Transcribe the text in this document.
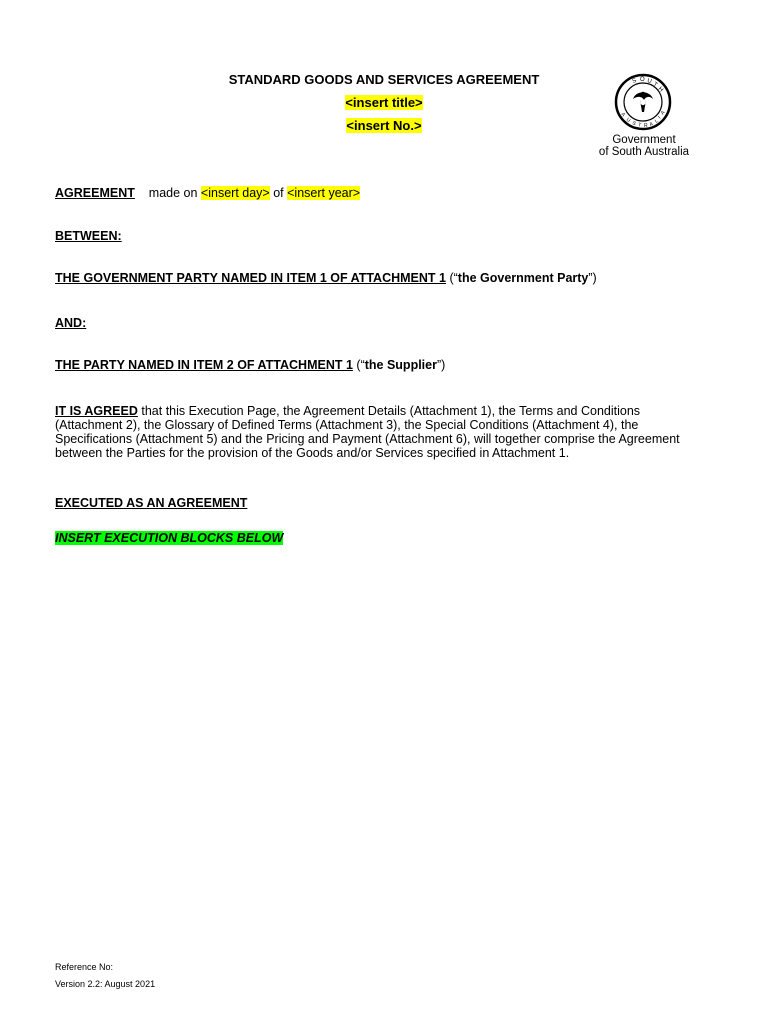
STANDARD GOODS AND SERVICES AGREEMENT
<insert title>
<insert No.>
S O U T
H
A
U S T R A L
I
A
Government
of South Australia
AGREEMENT made on <insert day> of <insert year>
BETWEEN:
THE GOVERNMENT PARTY NAMED IN ITEM 1 OF ATTACHMENT 1 (“the Government Party”)
AND:
THE PARTY NAMED IN ITEM 2 OF ATTACHMENT 1 (“the Supplier”)
IT IS AGREED that this Execution Page, the Agreement Details (Attachment 1), the Terms and Conditions
(Attachment 2), the Glossary of Defined Terms (Attachment 3), the Special Conditions (Attachment 4), the
Specifications (Attachment 5) and the Pricing and Payment (Attachment 6), will together comprise the Agreement
between the Parties for the provision of the Goods and/or Services specified in Attachment 1.
EXECUTED AS AN AGREEMENT
INSERT EXECUTION BLOCKS BELOW
Reference No:
Version 2.2: August 2021
